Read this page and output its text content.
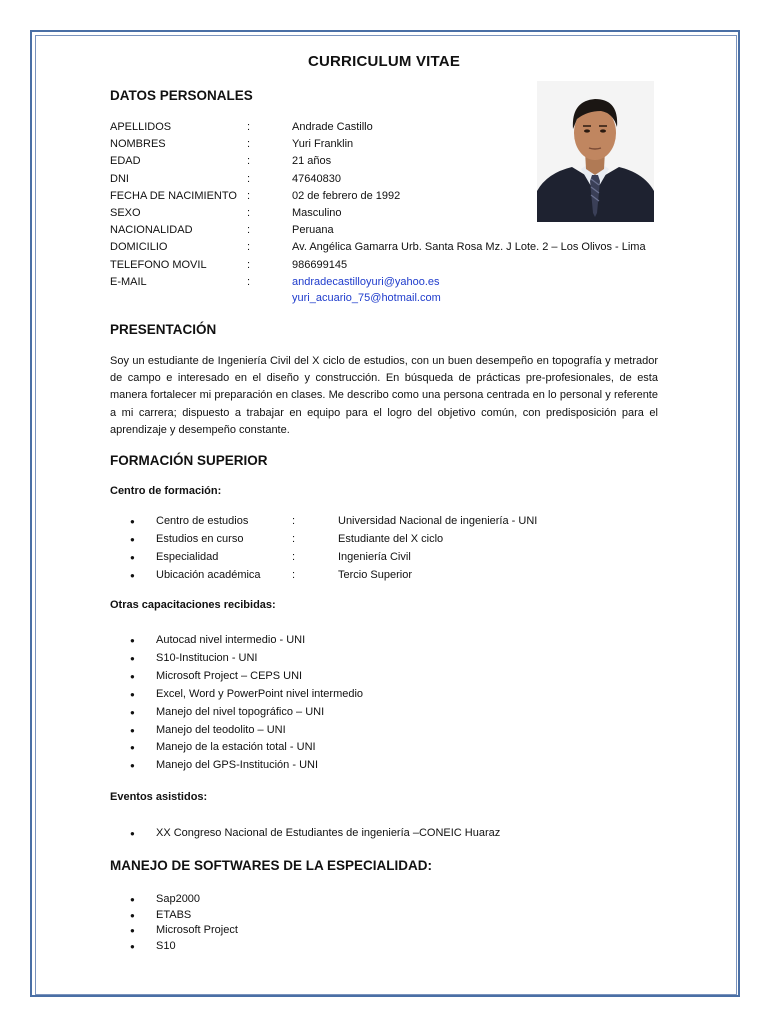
CURRICULUM VITAE
DATOS PERSONALES
APELLIDOS	:	Andrade Castillo
NOMBRES	:	Yuri Franklin
EDAD	:	21 años
DNI	:	47640830
FECHA DE NACIMIENTO :	02 de febrero de 1992
SEXO	:	Masculino
NACIONALIDAD	:	Peruana
DOMICILIO	:	Av. Angélica Gamarra Urb. Santa Rosa Mz. J Lote. 2 – Los Olivos - Lima
TELEFONO MOVIL	:	986699145
E-MAIL	:	andradecastilloyuri@yahoo.es
yuri_acuario_75@hotmail.com
PRESENTACIÓN
Soy un estudiante de Ingeniería Civil del X ciclo de estudios, con un buen desempeño en topografía y metrador de campo e interesado en el diseño y construcción. En búsqueda de prácticas pre-profesionales, de esta manera fortalecer mi preparación en clases. Me describo como una persona centrada en lo personal y referente a mi carrera; dispuesto a trabajar en equipo para el logro del objetivo común, con predisposición para el aprendizaje y desempeño constante.
FORMACIÓN SUPERIOR
Centro de formación:
● Centro de estudios	:	Universidad Nacional de ingeniería - UNI
● Estudios en curso	:	Estudiante del X ciclo
● Especialidad	:	Ingeniería Civil
● Ubicación académica	:	Tercio Superior
Otras capacitaciones recibidas:
● Autocad nivel intermedio - UNI
● S10-Institucion - UNI
● Microsoft Project – CEPS UNI
● Excel, Word y PowerPoint nivel intermedio
● Manejo del nivel topográfico – UNI
● Manejo del teodolito – UNI
● Manejo de la estación total - UNI
● Manejo del GPS-Institución - UNI
Eventos asistidos:
● XX Congreso Nacional de Estudiantes de ingeniería –CONEIC Huaraz
MANEJO DE SOFTWARES DE LA ESPECIALIDAD:
● Sap2000
● ETABS
● Microsoft Project
● S10
